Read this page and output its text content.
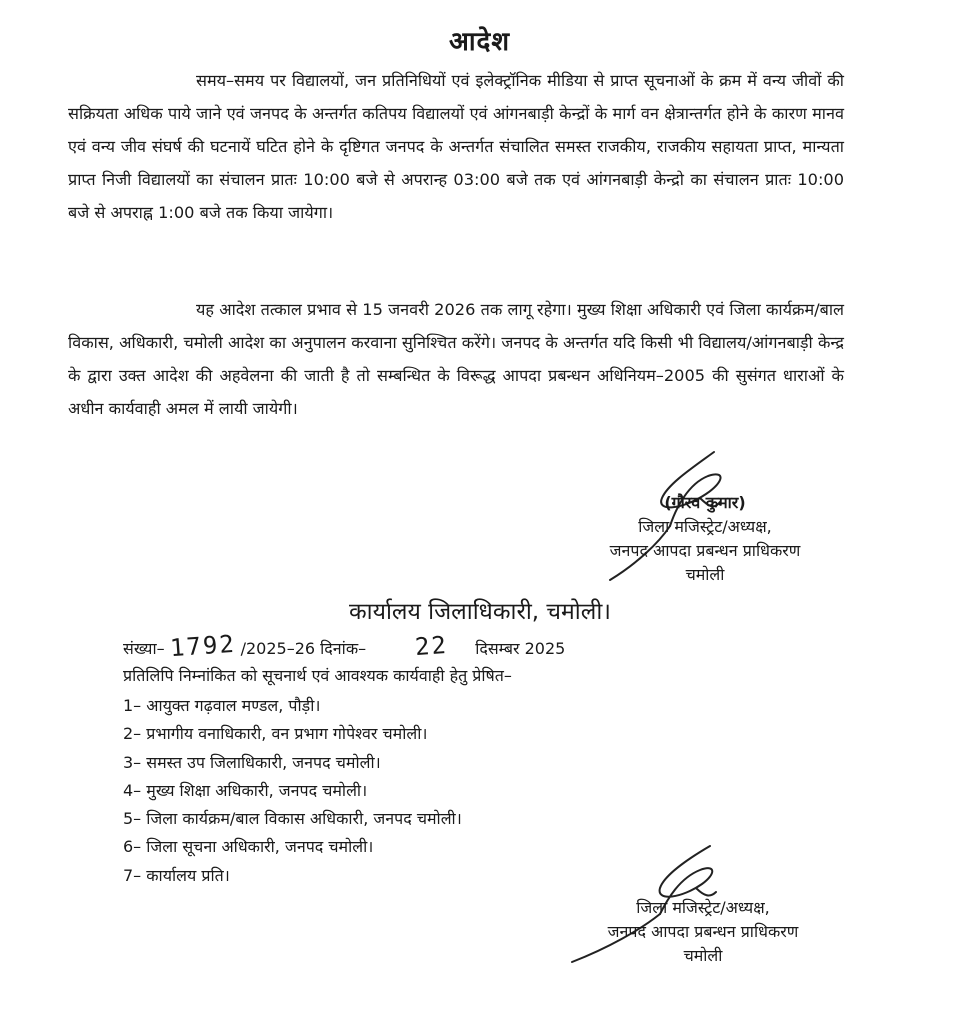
आदेश

समय–समय पर विद्यालयों, जन प्रतिनिधियों एवं इलेक्ट्रॉनिक मीडिया से प्राप्त सूचनाओं के क्रम में वन्य जीवों की सक्रियता अधिक पाये जाने एवं जनपद के अन्तर्गत कतिपय विद्यालयों एवं आंगनबाड़ी केन्द्रों के मार्ग वन क्षेत्रान्तर्गत होने के कारण मानव एवं वन्य जीव संघर्ष की घटनायें घटित होने के दृष्टिगत जनपद के अन्तर्गत संचालित समस्त राजकीय, राजकीय सहायता प्राप्त, मान्यता प्राप्त निजी विद्यालयों का संचालन प्रातः 10:00 बजे से अपरान्ह 03:00 बजे तक एवं आंगनबाड़ी केन्द्रो का संचालन प्रातः 10:00 बजे से अपराह्न 1:00 बजे तक किया जायेगा।

यह आदेश तत्काल प्रभाव से 15 जनवरी 2026 तक लागू रहेगा। मुख्य शिक्षा अधिकारी एवं जिला कार्यक्रम/बाल विकास, अधिकारी, चमोली आदेश का अनुपालन करवाना सुनिश्चित करेंगे। जनपद के अन्तर्गत यदि किसी भी विद्यालय/आंगनबाड़ी केन्द्र के द्वारा उक्त आदेश की अहवेलना की जाती है तो सम्बन्धित के विरूद्ध आपदा प्रबन्धन अधिनियम–2005 की सुसंगत धाराओं के अधीन कार्यवाही अमल में लायी जायेगी।

(गौरव कुमार)
जिला मजिस्ट्रेट/अध्यक्ष,
जनपद आपदा प्रबन्धन प्राधिकरण
चमोली
कार्यालय जिलाधिकारी, चमोली।
संख्या– 1792 /2025–26 दिनांक– 22 दिसम्बर 2025
प्रतिलिपि निम्नांकित को सूचनार्थ एवं आवश्यक कार्यवाही हेतु प्रेषित–
1– आयुक्त गढ़वाल मण्डल, पौड़ी।
2– प्रभागीय वनाधिकारी, वन प्रभाग गोपेश्वर चमोली।
3– समस्त उप जिलाधिकारी, जनपद चमोली।
4– मुख्य शिक्षा अधिकारी, जनपद चमोली।
5– जिला कार्यक्रम/बाल विकास अधिकारी, जनपद चमोली।
6– जिला सूचना अधिकारी, जनपद चमोली।
7– कार्यालय प्रति।
जिला मजिस्ट्रेट/अध्यक्ष,
जनपद आपदा प्रबन्धन प्राधिकरण
चमोली
